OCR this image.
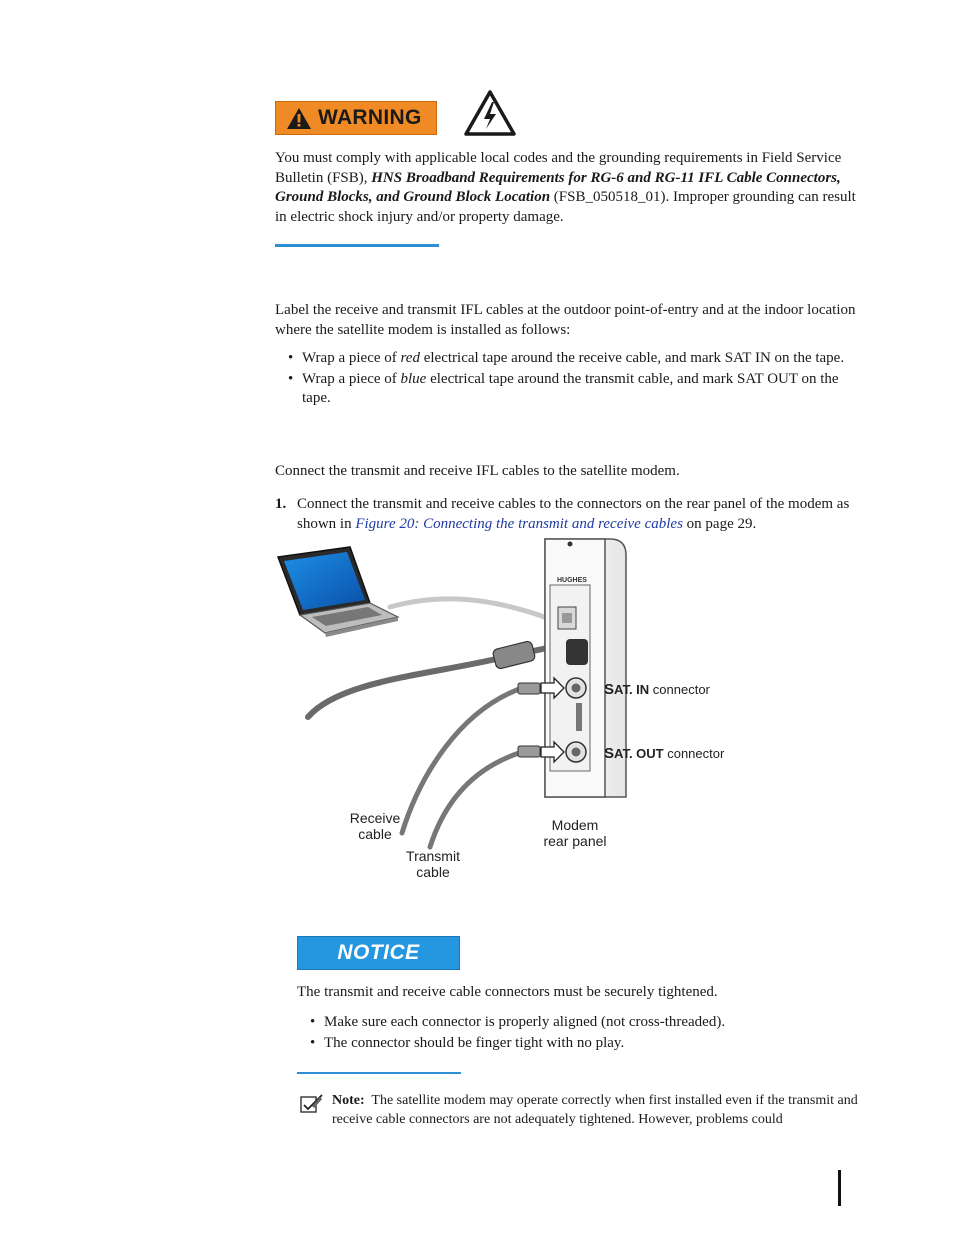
WARNING
You must comply with applicable local codes and the grounding requirements in Field Service Bulletin (FSB), HNS Broadband Requirements for RG-6 and RG-11 IFL Cable Connectors, Ground Blocks, and Ground Block Location (FSB_050518_01). Improper grounding can result in electric shock injury and/or property damage.
Label the receive and transmit IFL cables at the outdoor point-of-entry and at the indoor location where the satellite modem is installed as follows:
• Wrap a piece of red electrical tape around the receive cable, and mark SAT IN on the tape.
• Wrap a piece of blue electrical tape around the transmit cable, and mark SAT OUT on the tape.
Connect the transmit and receive IFL cables to the satellite modem.
1. Connect the transmit and receive cables to the connectors on the rear panel of the modem as shown in Figure 20: Connecting the transmit and receive cables on page 29.
HUGHES
SAT. IN connector
SAT. OUT connector
Receive
cable
Transmit
cable
Modem
rear panel
NOTICE
The transmit and receive cable connectors must be securely tightened.
• Make sure each connector is properly aligned (not cross-threaded).
• The connector should be finger tight with no play.
Note: The satellite modem may operate correctly when first installed even if the transmit and receive cable connectors are not adequately tightened. However, problems could
